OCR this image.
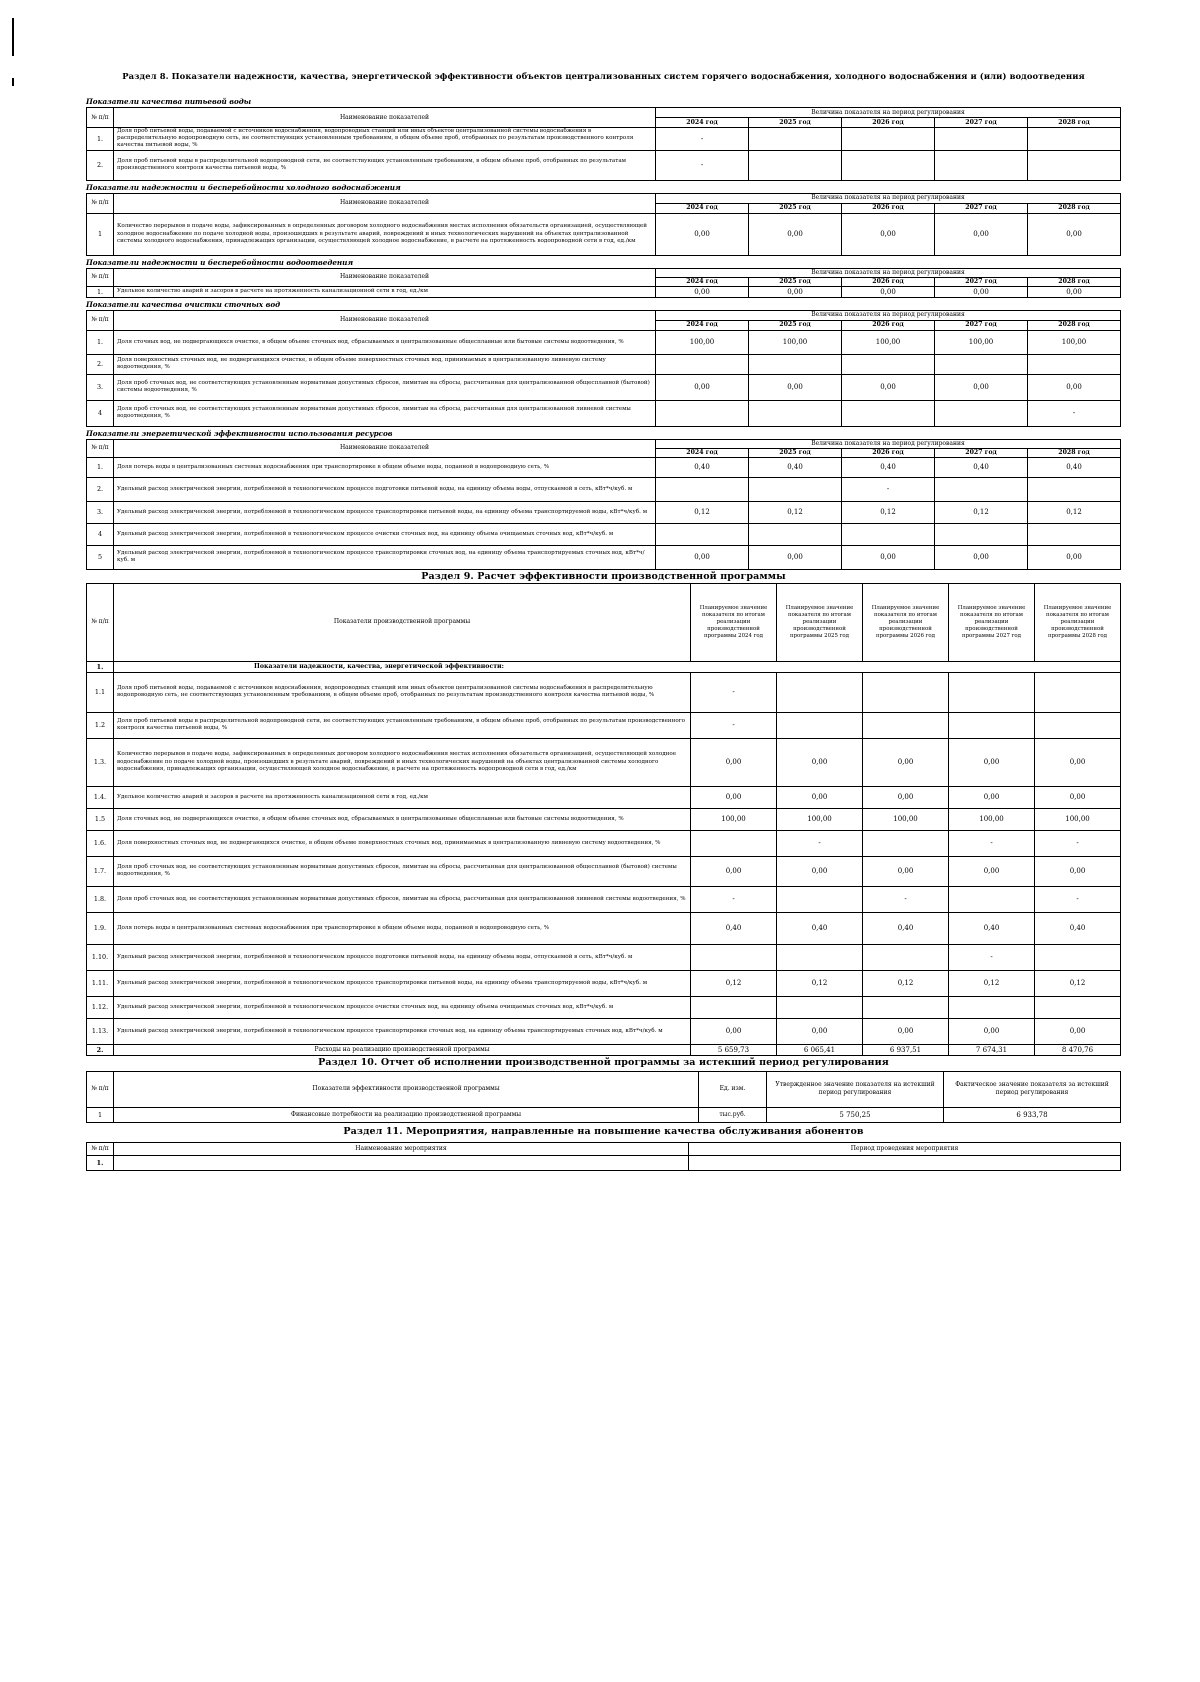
Раздел 8. Показатели надежности, качества, энергетической эффективности объектов централизованных систем горячего водоснабжения, холодного водоснабжения и (или) водоотведения
Показатели качества питьевой воды
№ п/п	Наименование показателей	Величина показателя на период регулирования				
		2024 год	2025 год	2026 год	2027 год	2028 год
1.	Доля проб питьевой воды, подаваемой с источников водоснабжения, водопроводных станций или иных объектов централизованной системы водоснабжения в распределительную водопроводную сеть, не соответствующих установленным требованиям, в общем объеме проб, отобранных по результатам производственного контроля качества питьевой воды, %	-				
2.	Доля проб питьевой воды в распределительной водопроводной сети, не соответствующих установленным требованиям, в общем объеме проб, отобранных по результатам производственного контроля качества питьевой воды, %	-				
Показатели надежности и бесперебойности холодного водоснабжения
№ п/п	Наименование показателей	Величина показателя на период регулирования				
		2024 год	2025 год	2026 год	2027 год	2028 год
1	Количество перерывов в подаче воды, зафиксированных в определенных договором холодного водоснабжения местах исполнения обязательств организацией, осуществляющей холодное водоснабжение по подаче холодной воды, произошедших в результате аварий, повреждений и иных технологических нарушений на объектах централизованной системы холодного водоснабжения, принадлежащих организации, осуществляющей холодное водоснабжение, в расчете на протяженность водопроводной сети в год, ед./км	0,00	0,00	0,00	0,00	0,00
Показатели надежности и бесперебойности водоотведения
№ п/п	Наименование показателей	Величина показателя на период регулирования				
		2024 год	2025 год	2026 год	2027 год	2028 год
1.	Удельное количество аварий и засоров в расчете на протяженность канализационной сети в год, ед./км	0,00	0,00	0,00	0,00	0,00
Показатели качества очистки сточных вод
№ п/п	Наименование показателей	Величина показателя на период регулирования				
		2024 год	2025 год	2026 год	2027 год	2028 год
1.	Доля сточных вод, не подвергающихся очистке, в общем объеме сточных вод, сбрасываемых в централизованные общесплавные или бытовые системы водоотведения, %	100,00	100,00	100,00	100,00	100,00
2.	Доля поверхностных сточных вод, не подвергающихся очистке, в общем объеме поверхностных сточных вод, принимаемых в централизованную ливневую систему водоотведения, %					
3.	Доля проб сточных вод, не соответствующих установленным нормативам допустимых сбросов, лимитам на сбросы, рассчитанная для централизованной общесплавной (бытовой) системы водоотведения, %	0,00	0,00	0,00	0,00	0,00
4	Доля проб сточных вод, не соответствующих установленным нормативам допустимых сбросов, лимитам на сбросы, рассчитанная для централизованной ливневой системы водоотведения, %					-
Показатели энергетической эффективности использования ресурсов
№ п/п	Наименование показателей	Величина показателя на период регулирования				
		2024 год	2025 год	2026 год	2027 год	2028 год
1.	Доля потерь воды в централизованных системах водоснабжения при транспортировке в общем объеме воды, поданной в водопроводную сеть, %	0,40	0,40	0,40	0,40	0,40
2.	Удельный расход электрической энергии, потребляемой в технологическом процессе подготовки питьевой воды, на единицу объема воды, отпускаемой в сеть, кВт*ч/куб. м			-		
3.	Удельный расход электрической энергии, потребляемой в технологическом процессе транспортировки питьевой воды, на единицу объема транспортируемой воды, кВт*ч/куб. м	0,12	0,12	0,12	0,12	0,12
4	Удельный расход электрической энергии, потребляемой в технологическом процессе очистки сточных вод, на единицу объема очищаемых сточных вод, кВт*ч/куб. м					
5	Удельный расход электрической энергии, потребляемой в технологическом процессе транспортировки сточных вод, на единицу объема транспортируемых сточных вод, кВт*ч/куб. м	0,00	0,00	0,00	0,00	0,00
Раздел 9. Расчет эффективности производственной программы
№ п/п	Показатели производственной программы	Планируемое значение показателя по итогам реализации производственной программы 2024 год	Планируемое значение показателя по итогам реализации производственной программы 2025 год	Планируемое значение показателя по итогам реализации производственной программы 2026 год	Планируемое значение показателя по итогам реализации производственной программы 2027 год	Планируемое значение показателя по итогам реализации производственной программы 2028 год
1.	Показатели надежности, качества, энергетической эффективности:					
1.1	Доля проб питьевой воды, подаваемой с источников водоснабжения, водопроводных станций или иных объектов централизованной системы водоснабжения в распределительную водопроводную сеть, не соответствующих установленным требованиям, в общем объеме проб, отобранных по результатам производственного контроля качества питьевой воды, %	-				
1.2	Доля проб питьевой воды в распределительной водопроводной сети, не соответствующих установленным требованиям, в общем объеме проб, отобранных по результатам производственного контроля качества питьевой воды, %	-				
1.3.	Количество перерывов в подаче воды, зафиксированных в определенных договором холодного водоснабжения местах исполнения обязательств организацией, осуществляющей холодное водоснабжение по подаче холодной воды, произошедших в результате аварий, повреждений и иных технологических нарушений на объектах централизованной системы холодного водоснабжения, принадлежащих организации, осуществляющей холодное водоснабжение, в расчете на протяженность водопроводной сети в год, ед./км	0,00	0,00	0,00	0,00	0,00
1.4.	Удельное количество аварий и засоров в расчете на протяженность канализационной сети в год, ед./км	0,00	0,00	0,00	0,00	0,00
1.5	Доля сточных вод, не подвергающихся очистке, в общем объеме сточных вод, сбрасываемых в централизованные общесплавные или бытовые системы водоотведения, %	100,00	100,00	100,00	100,00	100,00
1.6.	Доля поверхностных сточных вод, не подвергающихся очистке, в общем объеме поверхностных сточных вод, принимаемых в централизованную ливневую систему водоотведения, %		-		-	-
1.7.	Доля проб сточных вод, не соответствующих установленным нормативам допустимых сбросов, лимитам на сбросы, рассчитанная для централизованной общесплавной (бытовой) системы водоотведения, %	0,00	0,00	0,00	0,00	0,00
1.8.	Доля проб сточных вод, не соответствующих установленным нормативам допустимых сбросов, лимитам на сбросы, рассчитанная для централизованной ливневой системы водоотведения, %	-		-		-
1.9.	Доля потерь воды в централизованных системах водоснабжения при транспортировке в общем объеме воды, поданной в водопроводную сеть, %	0,40	0,40	0,40	0,40	0,40
1.10.	Удельный расход электрической энергии, потребляемой в технологическом процессе подготовки питьевой воды, на единицу объема воды, отпускаемой в сеть, кВт*ч/куб. м				-	
1.11.	Удельный расход электрической энергии, потребляемой в технологическом процессе транспортировки питьевой воды, на единицу объема транспортируемой воды, кВт*ч/куб. м	0,12	0,12	0,12	0,12	0,12
1.12.	Удельный расход электрической энергии, потребляемой в технологическом процессе очистки сточных вод, на единицу объема очищаемых сточных вод, кВт*ч/куб. м					
1.13.	Удельный расход электрической энергии, потребляемой в технологическом процессе транспортировки сточных вод, на единицу объема транспортируемых сточных вод, кВт*ч/куб. м	0,00	0,00	0,00	0,00	0,00
2.	Расходы на реализацию производственной программы	5 659,73	6 065,41	6 937,51	7 674,31	8 470,76
Раздел 10. Отчет об исполнении производственной программы за истекший период регулирования
№ п/п	Показатели эффективности производственной программы	Ед. изм.	Утвержденное значение показателя на истекший период регулирования	Фактическое значение показателя за истекший период регулирования
1	Финансовые потребности на реализацию производственной программы	тыс.руб.	5 750,25	6 933,78
Раздел 11. Мероприятия, направленные на повышение качества обслуживания абонентов
№ п/п	Наименование мероприятия	Период проведения мероприятия
1.		
